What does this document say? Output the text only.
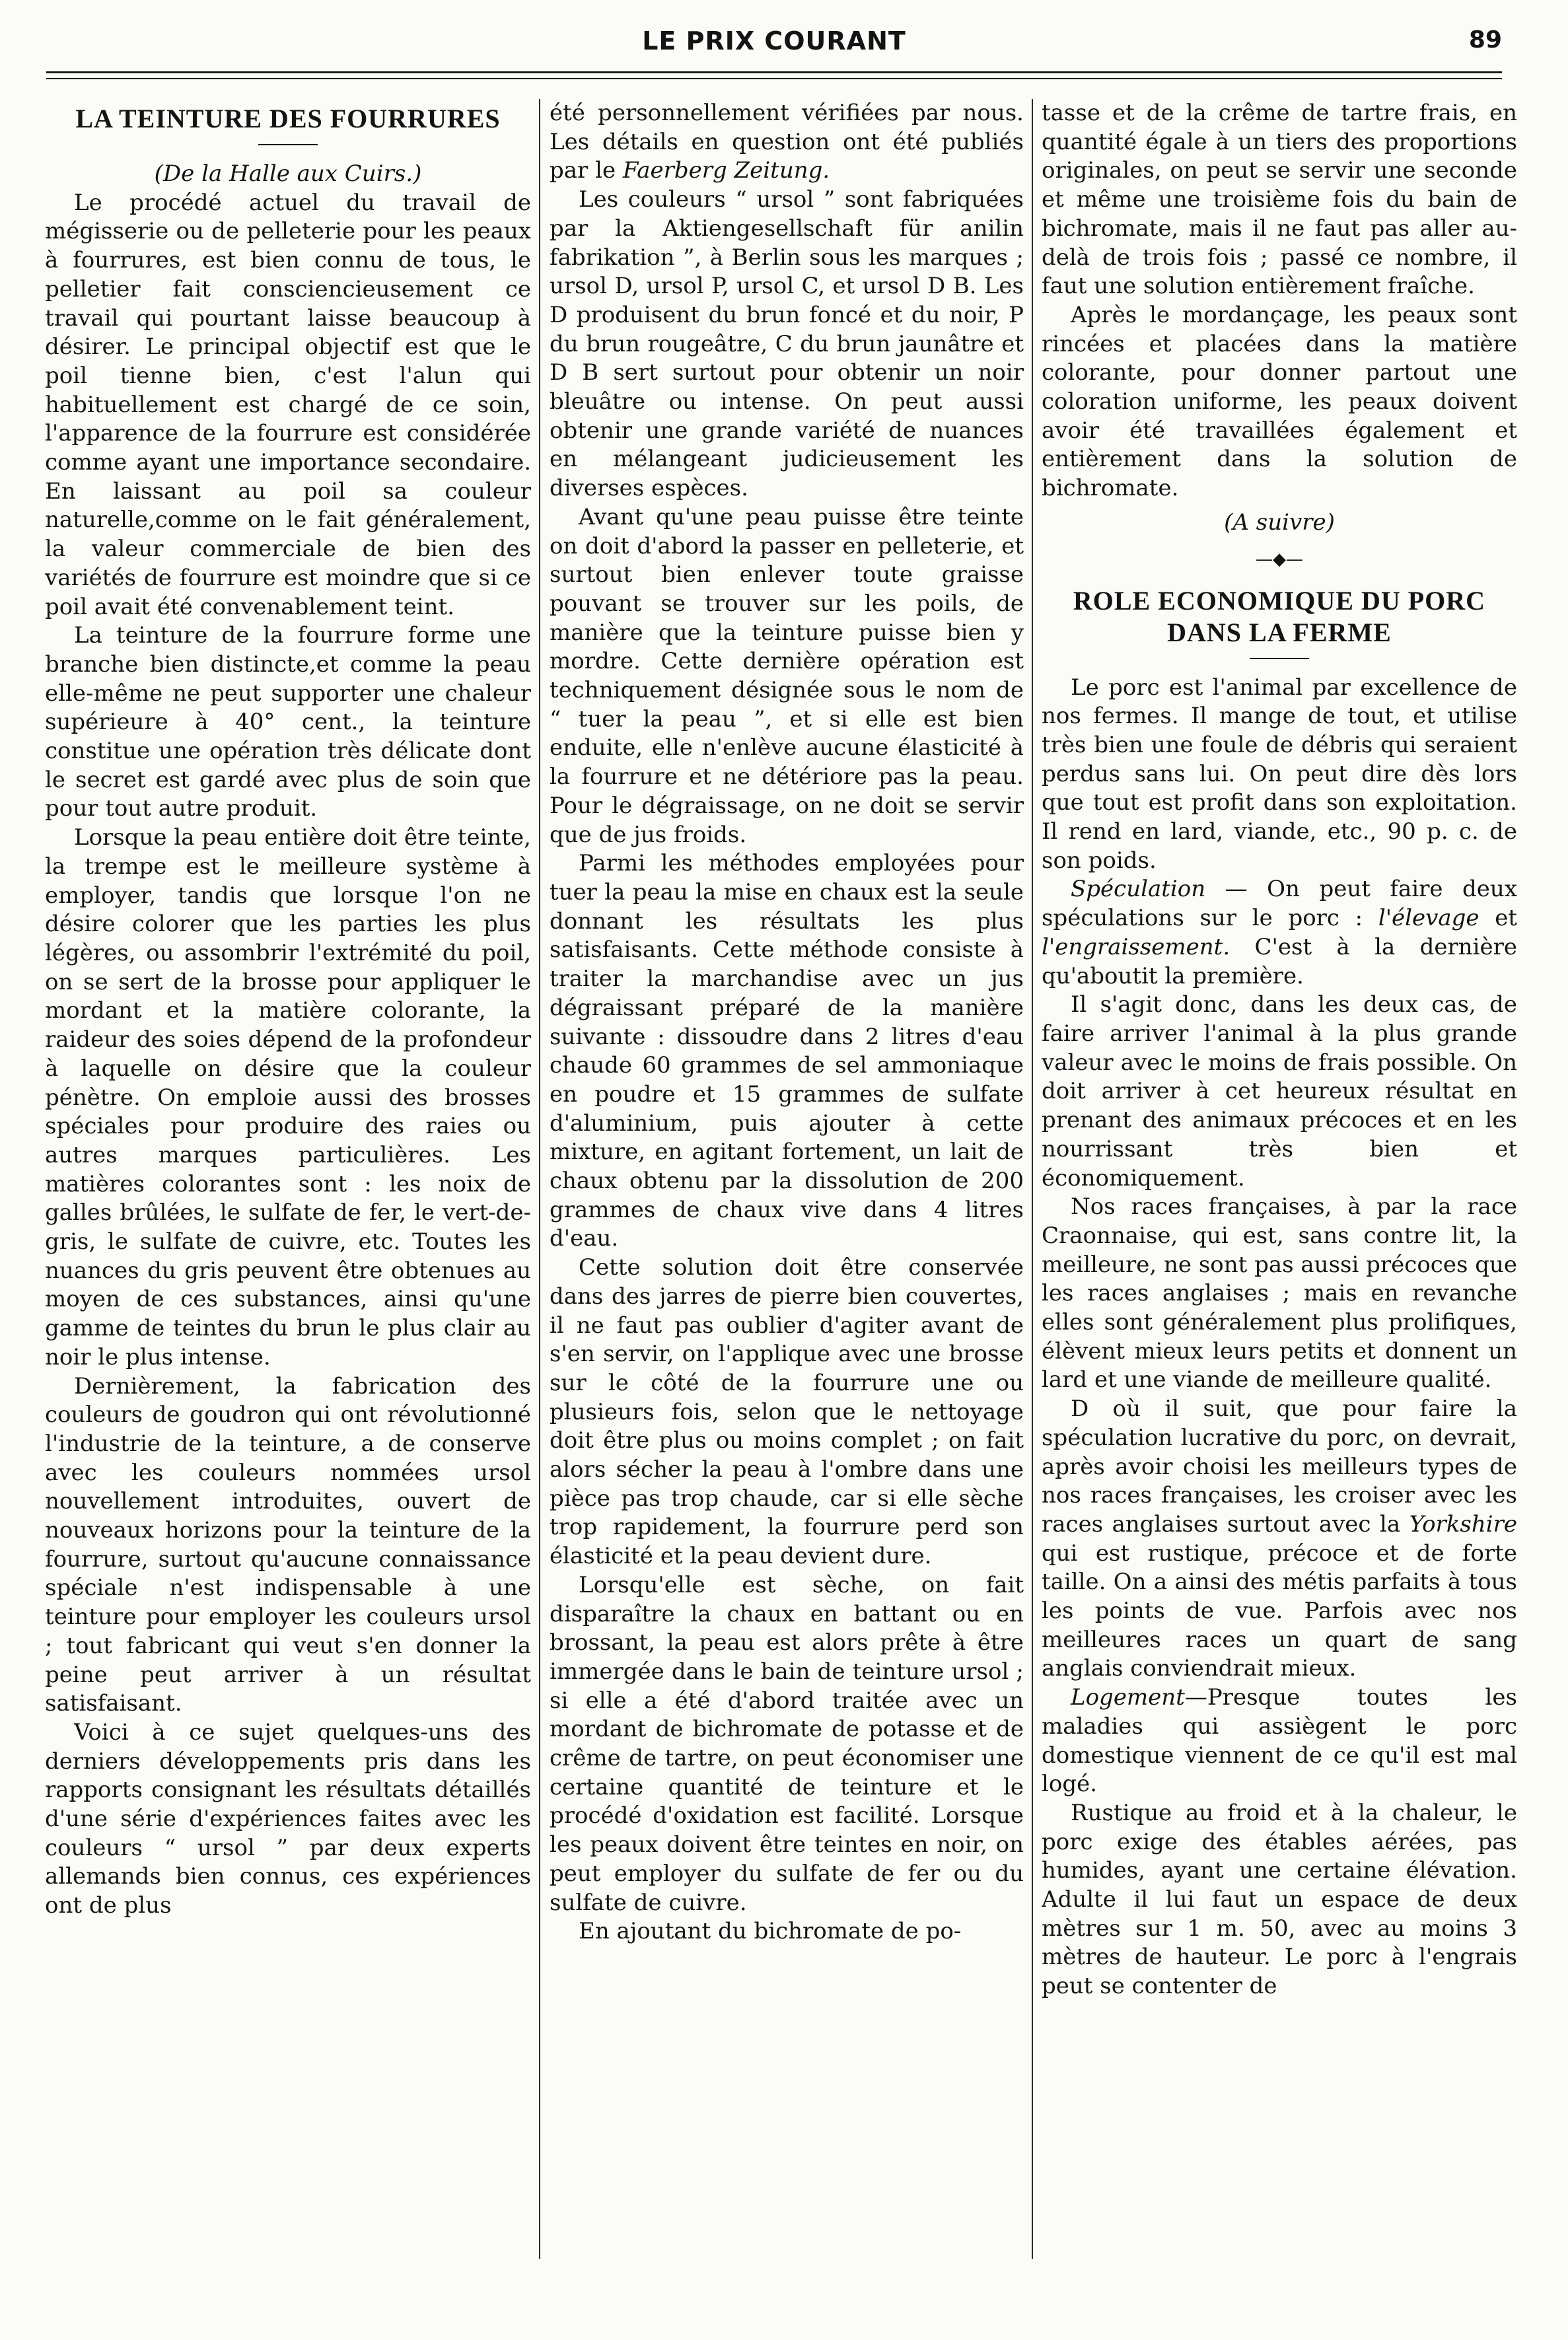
LE PRIX COURANT	89
LA TEINTURE DES FOURRURES

(De la Halle aux Cuirs.)

Le procédé actuel du travail de mégisserie ou de pelleterie pour les peaux à fourrures, est bien connu de tous, le pelletier fait consciencieusement ce travail qui pourtant laisse beaucoup à désirer. Le principal objectif est que le poil tienne bien, c'est l'alun qui habituellement est chargé de ce soin, l'apparence de la fourrure est considérée comme ayant une importance secondaire. En laissant au poil sa couleur naturelle,comme on le fait généralement, la valeur commerciale de bien des variétés de fourrure est moindre que si ce poil avait été convenablement teint.

La teinture de la fourrure forme une branche bien distincte,et comme la peau elle-même ne peut supporter une chaleur supérieure à 40° cent., la teinture constitue une opération très délicate dont le secret est gardé avec plus de soin que pour tout autre produit.

Lorsque la peau entière doit être teinte, la trempe est le meilleure système à employer, tandis que lorsque l'on ne désire colorer que les parties les plus légères, ou assombrir l'extrémité du poil, on se sert de la brosse pour appliquer le mordant et la matière colorante, la raideur des soies dépend de la profondeur à laquelle on désire que la couleur pénètre. On emploie aussi des brosses spéciales pour produire des raies ou autres marques particulières. Les matières colorantes sont : les noix de galles brûlées, le sulfate de fer, le vert-de-gris, le sulfate de cuivre, etc. Toutes les nuances du gris peuvent être obtenues au moyen de ces substances, ainsi qu'une gamme de teintes du brun le plus clair au noir le plus intense.

Dernièrement, la fabrication des couleurs de goudron qui ont révolutionné l'industrie de la teinture, a de conserve avec les couleurs nommées ursol nouvellement introduites, ouvert de nouveaux horizons pour la teinture de la fourrure, surtout qu'aucune connaissance spéciale n'est indispensable à une teinture pour employer les couleurs ursol ; tout fabricant qui veut s'en donner la peine peut arriver à un résultat satisfaisant.

Voici à ce sujet quelques-uns des derniers développements pris dans les rapports consignant les résultats détaillés d'une série d'expériences faites avec les couleurs “ ursol ” par deux experts allemands bien connus, ces expériences ont de plus

été personnellement vérifiées par nous. Les détails en question ont été publiés par le Faerberg Zeitung.

Les couleurs “ ursol ” sont fabriquées par la Aktiengesellschaft für anilin fabrikation ”, à Berlin sous les marques ; ursol D, ursol P, ursol C, et ursol D B. Les D produisent du brun foncé et du noir, P du brun rougeâtre, C du brun jaunâtre et D B sert surtout pour obtenir un noir bleuâtre ou intense. On peut aussi obtenir une grande variété de nuances en mélangeant judicieusement les diverses espèces.

Avant qu'une peau puisse être teinte on doit d'abord la passer en pelleterie, et surtout bien enlever toute graisse pouvant se trouver sur les poils, de manière que la teinture puisse bien y mordre. Cette dernière opération est techniquement désignée sous le nom de “ tuer la peau ”, et si elle est bien enduite, elle n'enlève aucune élasticité à la fourrure et ne détériore pas la peau. Pour le dégraissage, on ne doit se servir que de jus froids.

Parmi les méthodes employées pour tuer la peau la mise en chaux est la seule donnant les résultats les plus satisfaisants. Cette méthode consiste à traiter la marchandise avec un jus dégraissant préparé de la manière suivante : dissoudre dans 2 litres d'eau chaude 60 grammes de sel ammoniaque en poudre et 15 grammes de sulfate d'aluminium, puis ajouter à cette mixture, en agitant fortement, un lait de chaux obtenu par la dissolution de 200 grammes de chaux vive dans 4 litres d'eau.

Cette solution doit être conservée dans des jarres de pierre bien couvertes, il ne faut pas oublier d'agiter avant de s'en servir, on l'applique avec une brosse sur le côté de la fourrure une ou plusieurs fois, selon que le nettoyage doit être plus ou moins complet ; on fait alors sécher la peau à l'ombre dans une pièce pas trop chaude, car si elle sèche trop rapidement, la fourrure perd son élasticité et la peau devient dure.

Lorsqu'elle est sèche, on fait disparaître la chaux en battant ou en brossant, la peau est alors prête à être immergée dans le bain de teinture ursol ; si elle a été d'abord traitée avec un mordant de bichromate de potasse et de crême de tartre, on peut économiser une certaine quantité de teinture et le procédé d'oxidation est facilité. Lorsque les peaux doivent être teintes en noir, on peut employer du sulfate de fer ou du sulfate de cuivre.

En ajoutant du bichromate de po-

tasse et de la crême de tartre frais, en quantité égale à un tiers des proportions originales, on peut se servir une seconde et même une troisième fois du bain de bichromate, mais il ne faut pas aller au-delà de trois fois ; passé ce nombre, il faut une solution entièrement fraîche.

Après le mordançage, les peaux sont rincées et placées dans la matière colorante, pour donner partout une coloration uniforme, les peaux doivent avoir été travaillées également et entièrement dans la solution de bichromate.

(A suivre)

—◆—
ROLE ECONOMIQUE DU PORC
DANS LA FERME

Le porc est l'animal par excellence de nos fermes. Il mange de tout, et utilise très bien une foule de débris qui seraient perdus sans lui. On peut dire dès lors que tout est profit dans son exploitation. Il rend en lard, viande, etc., 90 p. c. de son poids.

Spéculation — On peut faire deux spéculations sur le porc : l'élevage et l'engraissement. C'est à la dernière qu'aboutit la première.

Il s'agit donc, dans les deux cas, de faire arriver l'animal à la plus grande valeur avec le moins de frais possible. On doit arriver à cet heureux résultat en prenant des animaux précoces et en les nourrissant très bien et économiquement.

Nos races françaises, à par la race Craonnaise, qui est, sans contre lit, la meilleure, ne sont pas aussi précoces que les races anglaises ; mais en revanche elles sont généralement plus prolifiques, élèvent mieux leurs petits et donnent un lard et une viande de meilleure qualité.

D où il suit, que pour faire la spéculation lucrative du porc, on devrait, après avoir choisi les meilleurs types de nos races françaises, les croiser avec les races anglaises surtout avec la Yorkshire qui est rustique, précoce et de forte taille. On a ainsi des métis parfaits à tous les points de vue. Parfois avec nos meilleures races un quart de sang anglais conviendrait mieux.

Logement—Presque toutes les maladies qui assiègent le porc domestique viennent de ce qu'il est mal logé.

Rustique au froid et à la chaleur, le porc exige des étables aérées, pas humides, ayant une certaine élévation. Adulte il lui faut un espace de deux mètres sur 1 m. 50, avec au moins 3 mètres de hauteur. Le porc à l'engrais peut se contenter de
